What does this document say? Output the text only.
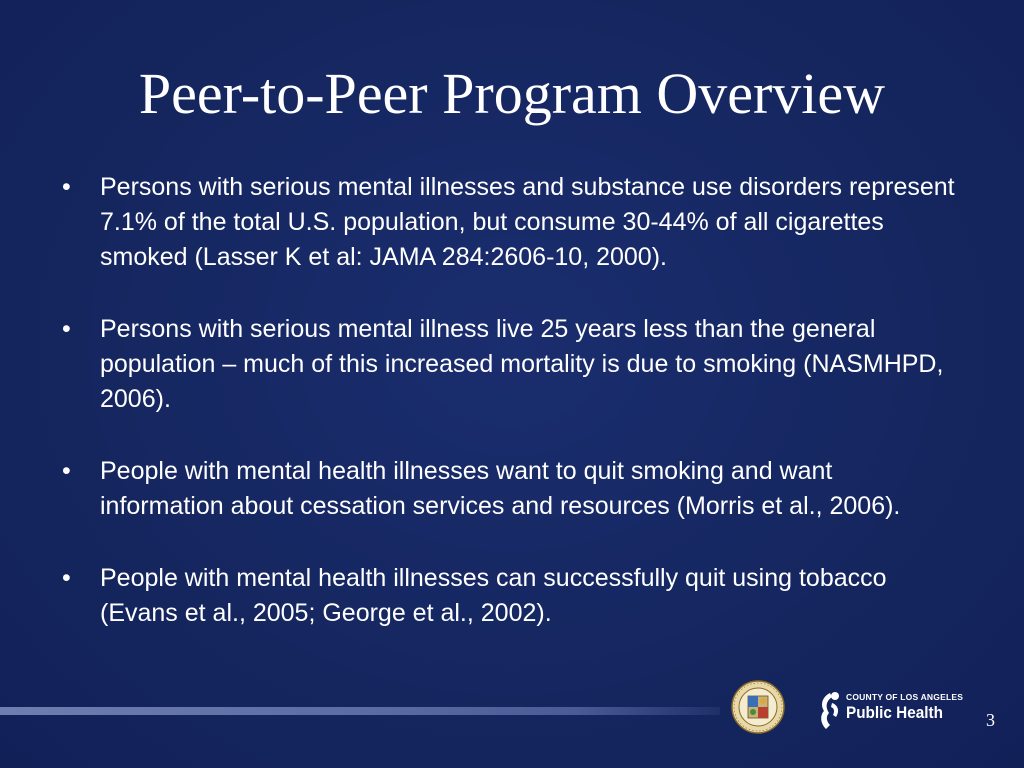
Peer-to-Peer Program Overview
• Persons with serious mental illnesses and substance use disorders represent 7.1% of the total U.S. population, but consume 30-44% of all cigarettes smoked (Lasser K et al: JAMA 284:2606-10, 2000).
• Persons with serious mental illness live 25 years less than the general population – much of this increased mortality is due to smoking (NASMHPD, 2006).
• People with mental health illnesses want to quit smoking and want information about cessation services and resources (Morris et al., 2006).
• People with mental health illnesses can successfully quit using tobacco (Evans et al., 2005; George et al., 2002).
COUNTY OF LOS ANGELES
Public Health 3
